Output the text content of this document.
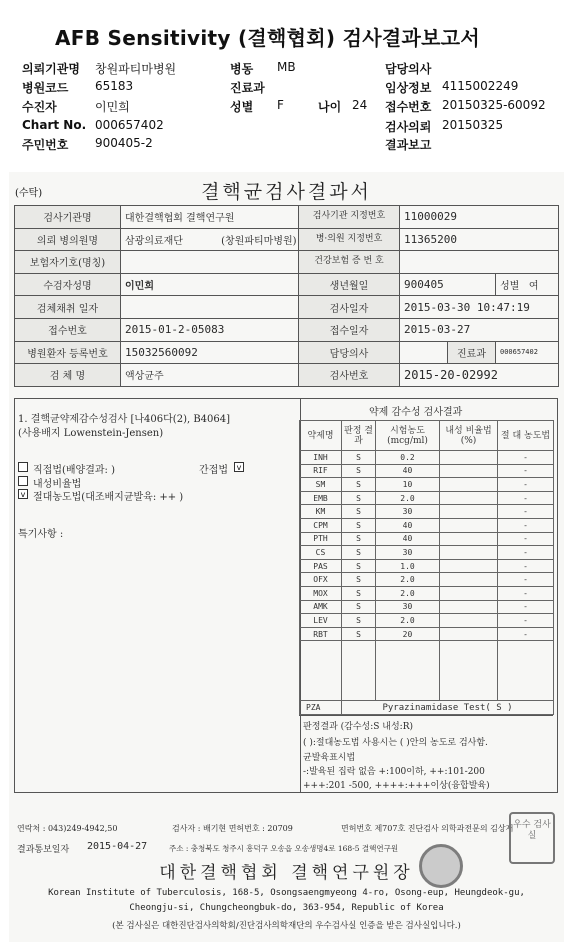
AFB Sensitivity (결핵협회) 검사결과보고서
의뢰기관명 창원파티마병원	병동 MB	담당의사
병원코드 65183	진료과	임상정보 4115002249
수진자	이민희	성별 F	나이 24 접수번호 20150325-60092
Chart No. 000657402	검사의뢰 20150325
주민번호 900405-2	결과보고
(수탁)	결핵균검사결과서
검사기관명	대한결핵협회 결핵연구원	검사기관 지정번호	11000029		
의뢰 병의원명	삼광의료재단 (창원파티마병원)	병·의원 지정번호	11365200		
보험자기호(명칭)		건강보험 증 번 호			
수검자성명	이민희	생년월일	900405		성별 여
검체채취 일자		검사일자	2015-03-30 10:47:19		
접수번호	2015-01-2-05083	접수일자	2015-03-27		
병원환자 등록번호	15032560092	담당의사		진료과	000657402
검 체 명	액상균주	검사번호	2015-20-02992		
1. 결핵균약제감수성검사 [나406다(2), B4064]
(사용배지 Lowenstein-Jensen)
직접법(배양결과: )	간접법	v
내성비율법
v 절대농도법(대조배지균발육: ++ )
특기사항 :
약제 감수성 검사결과
약제명	판정 결과	시험농도 (mcg/ml)	내성 비율법(%)	절 대 농도법
INH	S	0.2		-
RIF	S	40		-
SM	S	10		-
EMB	S	2.0		-
KM	S	30		-
CPM	S	40		-
PTH	S	40		-
CS	S	30		-
PAS	S	1.0		-
OFX	S	2.0		-
MOX	S	2.0		-
AMK	S	30		-
LEV	S	2.0		-
RBT	S	20		-

PZA	Pyrazinamidase Test( S )			
판정결과 (감수성:S 내성:R)
( ):절대농도법 사용시는 ( )안의 농도로 검사함.
균발육표시법
-:발육된 집락 없음 +:100이하, ++:101-200
+++:201 -500, ++++:+++이상(융합발육)
연락처 : 043)249-4942,50	검사자 : 배기현 면허번호 : 20709	면허번호 제707호 진단검사 의학과전문의 김상재
결과통보일자 2015-04-27	주소 : 충청북도 청주시 흥덕구 오송읍 오송생명4로 168-5 결핵연구원
대한결핵협회 결핵연구원장
Korean Institute of Tuberculosis, 168-5, Osongsaengmyeong 4-ro, Osong-eup, Heungdeok-gu,
Cheongju-si, Chungcheongbuk-do, 363-954, Republic of Korea
(본 검사실은 대한진단검사의학회/진단검사의학재단의 우수검사실 인증을 받은 검사실입니다.)
우수 검사실
